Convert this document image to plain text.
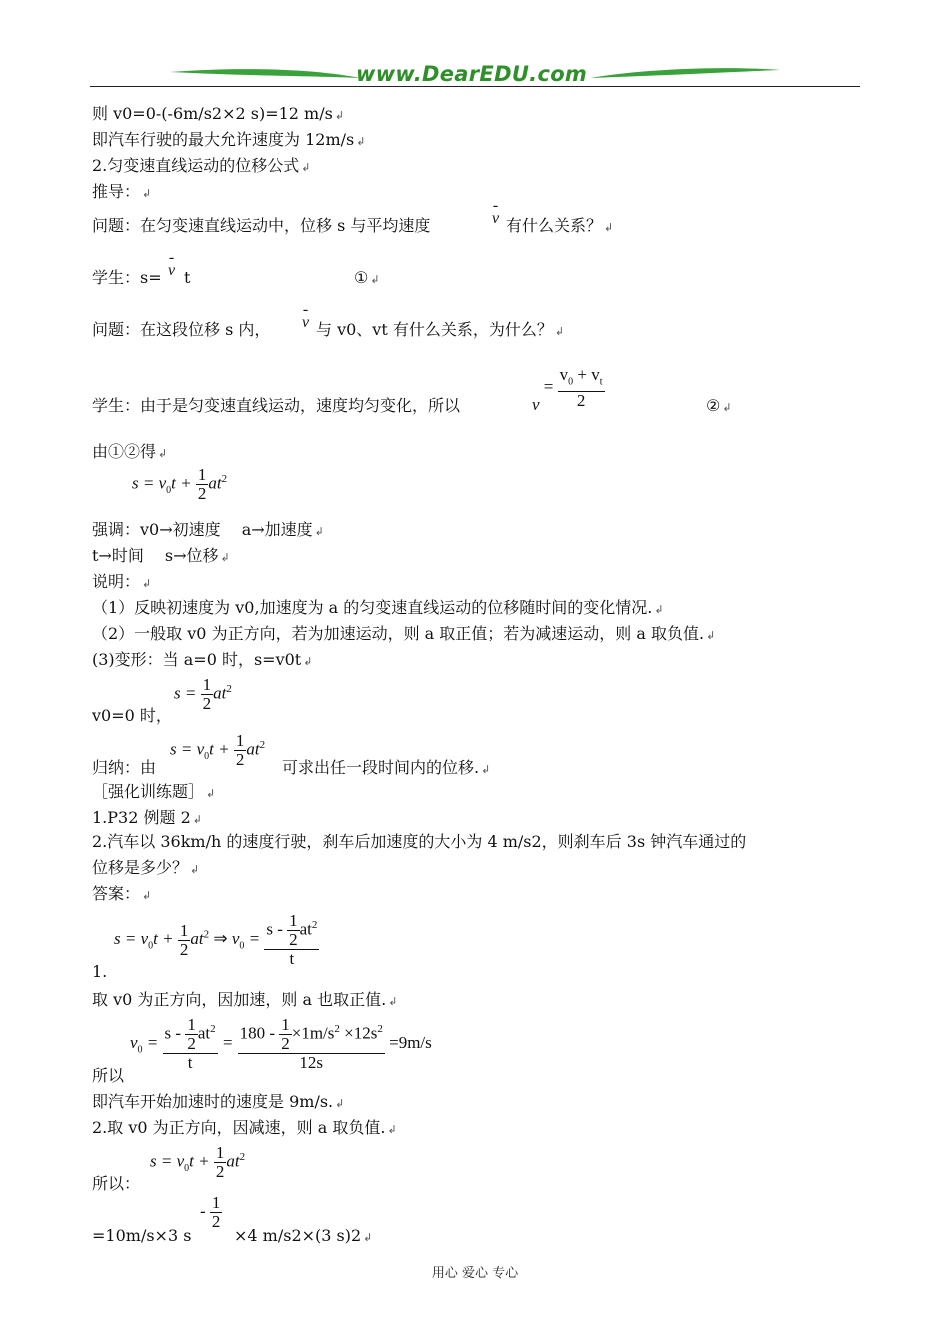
www.DearEDU.com
则 v0=0-(-6m/s2×2 s)=12 m/s ↲
即汽车行驶的最大允许速度为 12m/s ↲
2.匀变速直线运动的位移公式 ↲
推导： ↲
问题：在匀变速直线运动中，位移 s 与平均速度
-
v 有什么关系？ ↲
学生：s=
-
v t	① ↲
问题：在这段位移 s 内，
-
v 与 v0、vt 有什么关系，为什么？ ↲
学生：由于是匀变速直线运动，速度均匀变化，所以	$v = \frac{v_0 + v_t}{2}$	② ↲
由①②得 ↲
$s = v_0t + \frac{1}{2} at^2$
强调：v0→初速度　 a→加速度 ↲
t→时间　 s→位移 ↲
说明： ↲
（1）反映初速度为 v0,加速度为 a 的匀变速直线运动的位移随时间的变化情况. ↲
（2）一般取 v0 为正方向，若为加速运动，则 a 取正值；若为减速运动，则 a 取负值. ↲
(3)变形：当 a=0 时，s=v0t ↲
$s = \frac{1}{2} at^2$
v0=0 时，
$s = v_0t + \frac{1}{2} at^2$
归纳：由	可求出任一段时间内的位移. ↲
［强化训练题］ ↲
1.P32 例题 2 ↲
2.汽车以 36km/h 的速度行驶，刹车后加速度的大小为 4 m/s2，则刹车后 3s 钟汽车通过的
位移是多少？ ↲
答案： ↲
$s = v_0t + \frac{1}{2} at^2$ ⇒ $v_0 = \frac{s - \frac{1}{2} at^2}{t}$
1.
取 v0 为正方向，因加速，则 a 也取正值. ↲
$v_0 = \frac{s - \frac{1}{2} at^2}{t} = \frac{180 - \frac{1}{2} \times 1m/s^2 \times 12s^2}{12s} =9m/s$
所以
即汽车开始加速时的速度是 9m/s. ↲
2.取 v0 为正方向，因减速，则 a 取负值. ↲
$s = v_0t + \frac{1}{2} at^2$
所以：
=10m/s×3 s
- $\frac{1}{2}$
×4 m/s2×(3 s)2 ↲
用心 爱心 专心
